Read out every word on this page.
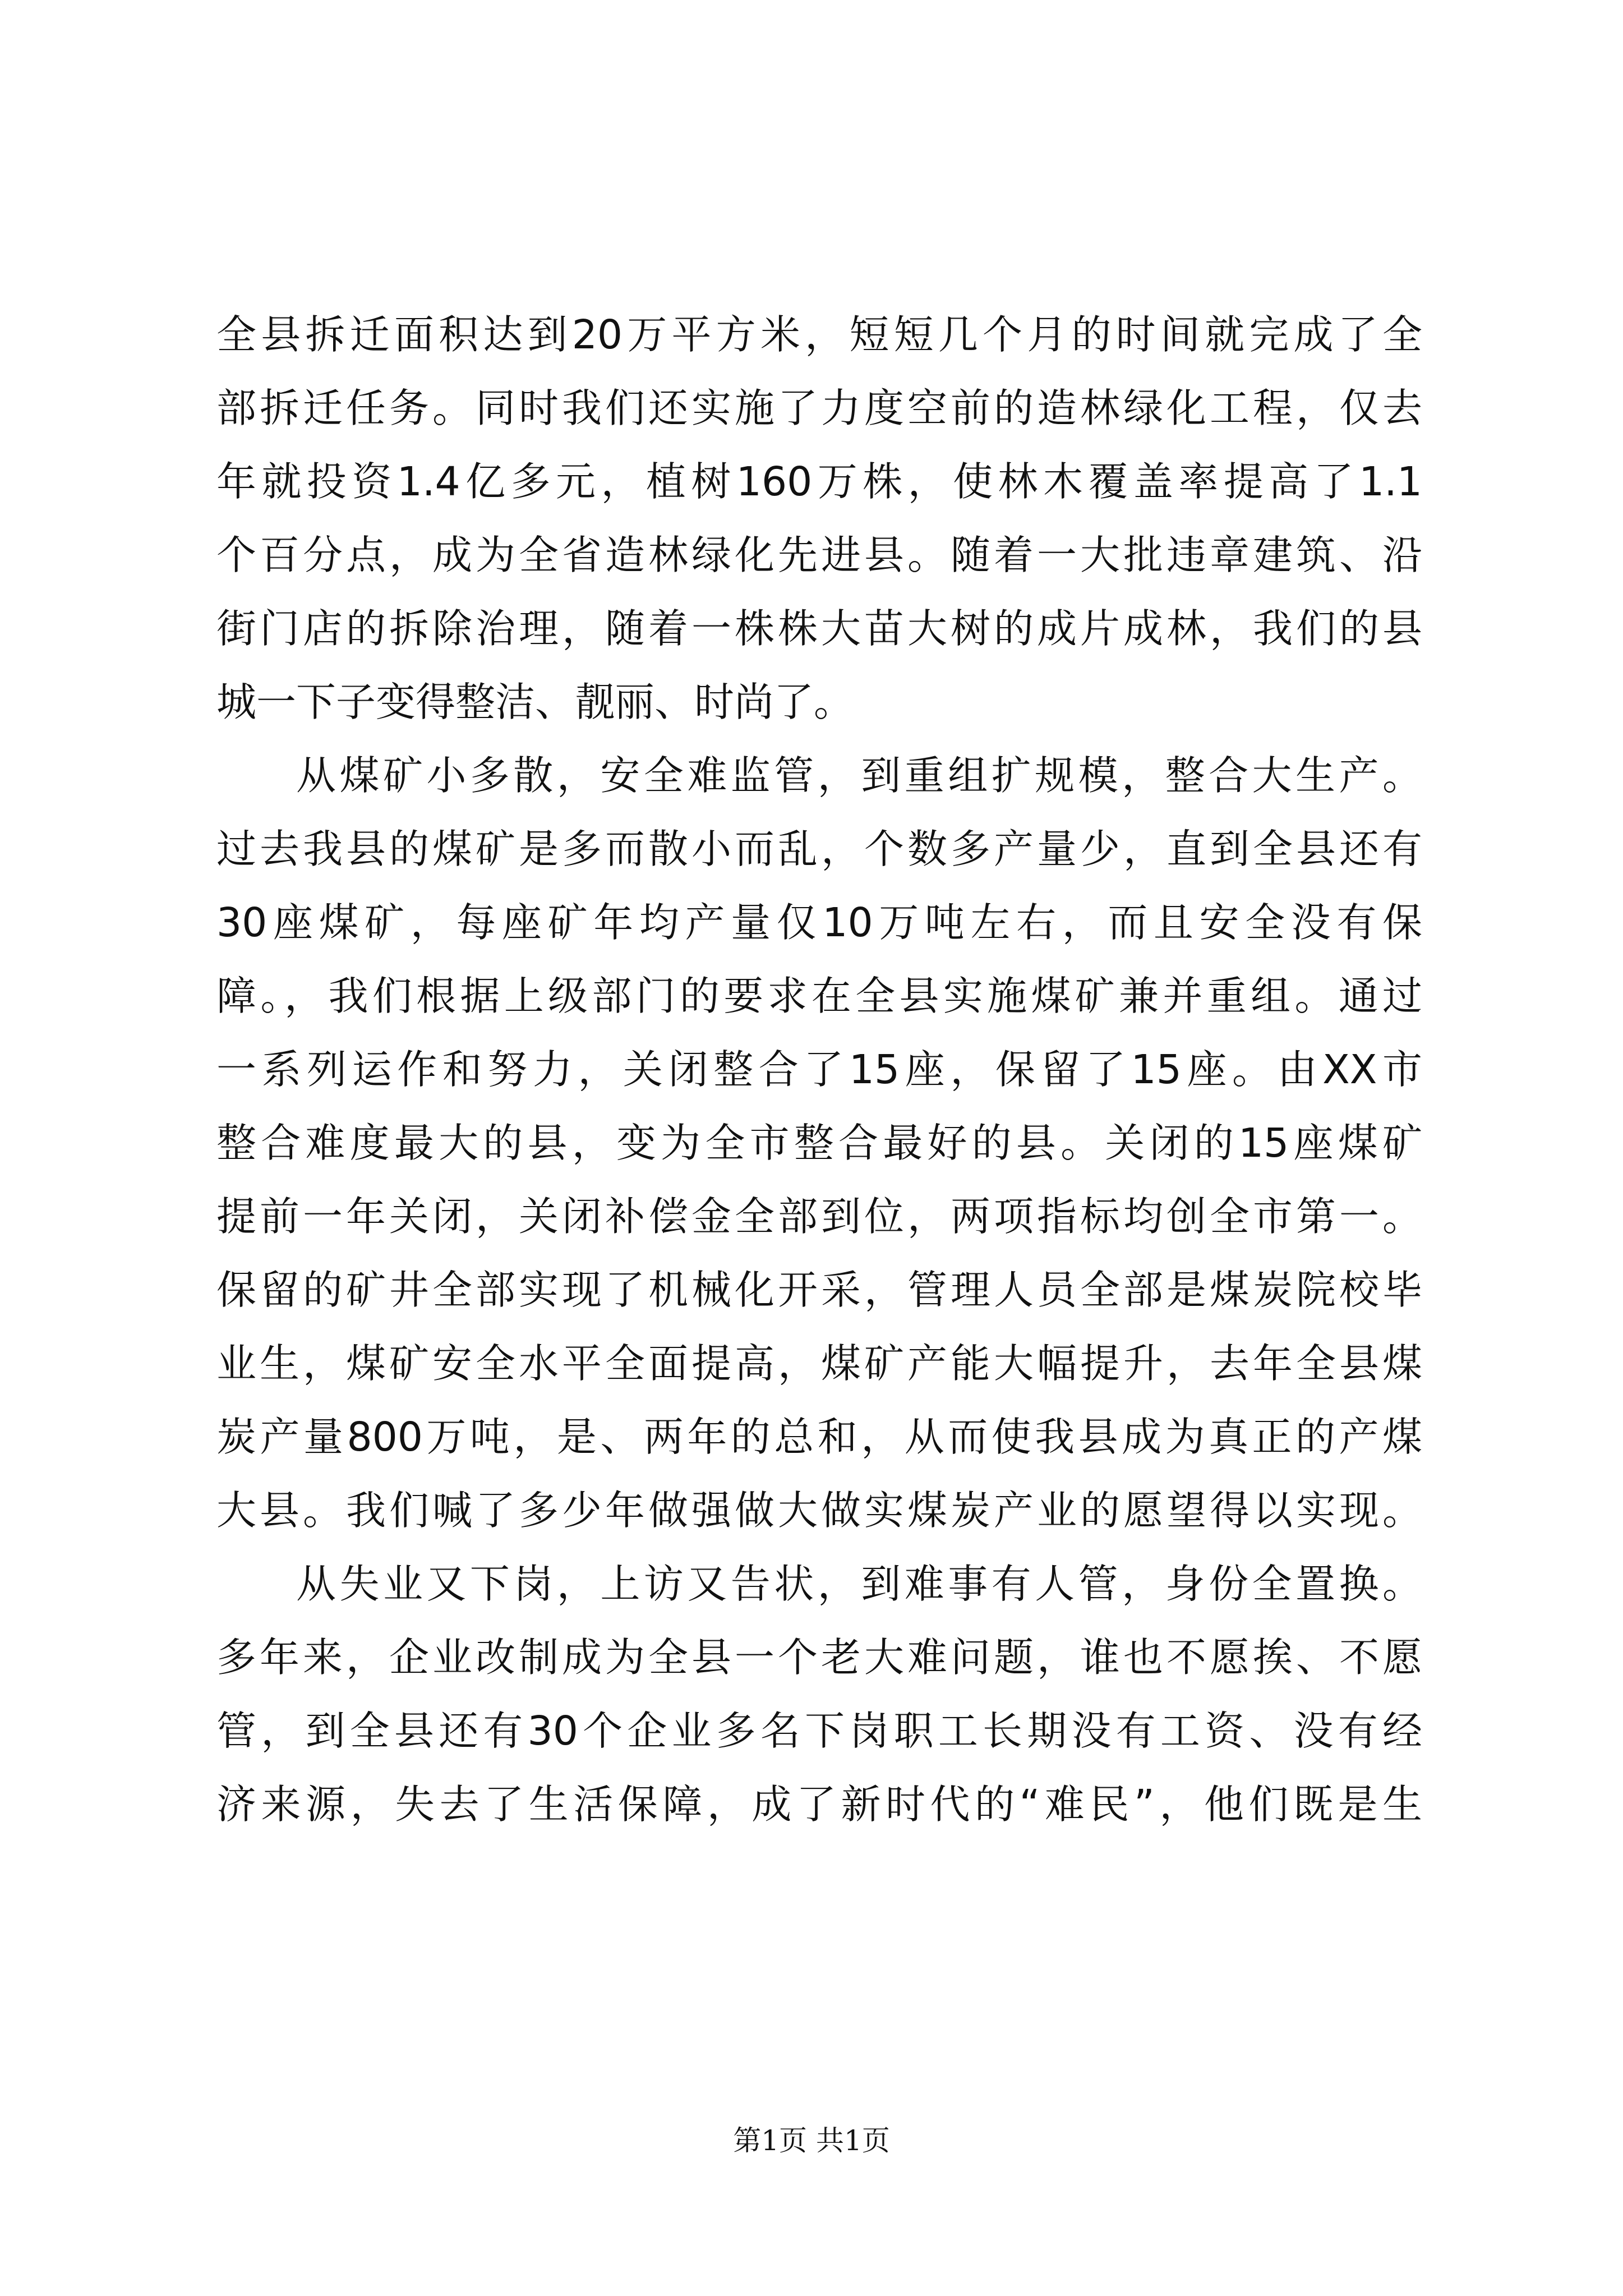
全县拆迁面积达到20万平方米，短短几个月的时间就完成了全
部拆迁任务。同时我们还实施了力度空前的造林绿化工程，仅去
年就投资1.4亿多元，植树160万株，使林木覆盖率提高了1.1
个百分点，成为全省造林绿化先进县。随着一大批违章建筑、沿
街门店的拆除治理，随着一株株大苗大树的成片成林，我们的县
城一下子变得整洁、靓丽、时尚了。
从煤矿小多散，安全难监管，到重组扩规模，整合大生产。
过去我县的煤矿是多而散小而乱，个数多产量少，直到全县还有
30座煤矿，每座矿年均产量仅10万吨左右，而且安全没有保
障。，我们根据上级部门的要求在全县实施煤矿兼并重组。通过
一系列运作和努力，关闭整合了15座，保留了15座。由XX市
整合难度最大的县，变为全市整合最好的县。关闭的15座煤矿
提前一年关闭，关闭补偿金全部到位，两项指标均创全市第一。
保留的矿井全部实现了机械化开采，管理人员全部是煤炭院校毕
业生，煤矿安全水平全面提高，煤矿产能大幅提升，去年全县煤
炭产量800万吨，是、两年的总和，从而使我县成为真正的产煤
大县。我们喊了多少年做强做大做实煤炭产业的愿望得以实现。
从失业又下岗，上访又告状，到难事有人管，身份全置换。
多年来，企业改制成为全县一个老大难问题，谁也不愿挨、不愿
管，到全县还有30个企业多名下岗职工长期没有工资、没有经
济来源，失去了生活保障，成了新时代的“难民”，他们既是生
第1页 共1页
